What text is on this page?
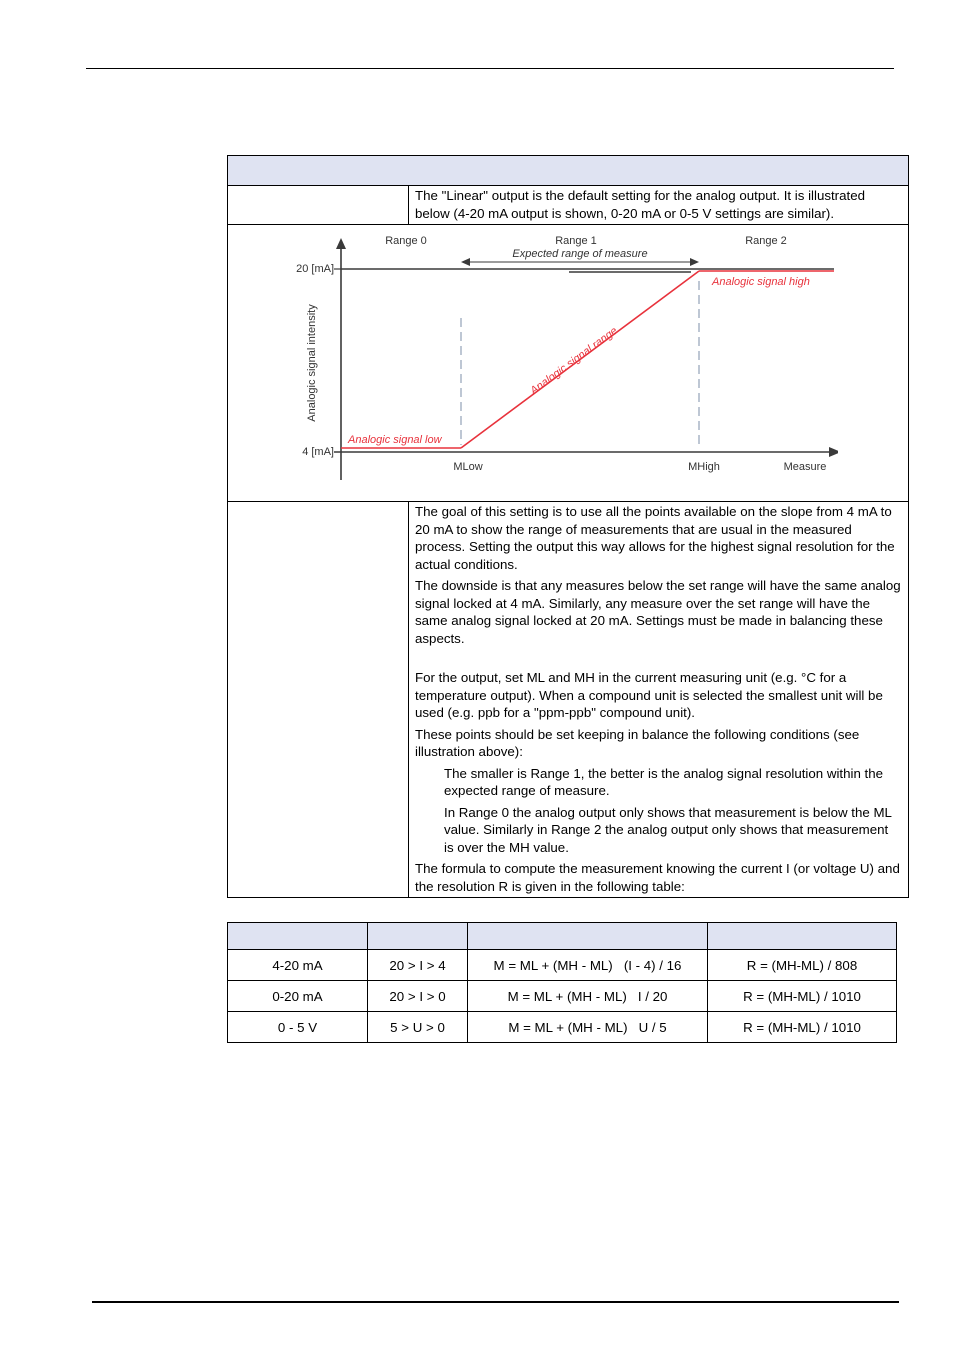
The "Linear" output is the default setting for the analog output. It is illustrated below (4-20 mA output is shown, 0-20 mA or 0-5 V settings are similar).

Range 0	Range 1	Range 2
Expected range of measure
20 [mA]
4 [mA]
Analogic signal intensity
MLow	MHigh	Measure
Analogic signal low
Analogic signal range
Analogic signal high

The goal of this setting is to use all the points available on the slope from 4 mA to 20 mA to show the range of measurements that are usual in the measured process. Setting the output this way allows for the highest signal resolution for the actual conditions.

The downside is that any measures below the set range will have the same analog signal locked at 4 mA. Similarly, any measure over the set range will have the same analog signal locked at 20 mA. Settings must be made in balancing these aspects.

For the output, set ML and MH in the current measuring unit (e.g. °C for a temperature output). When a compound unit is selected the smallest unit will be used (e.g. ppb for a "ppm-ppb" compound unit).

These points should be set keeping in balance the following conditions (see illustration above):

The smaller is Range 1, the better is the analog signal resolution within the expected range of measure.

In Range 0 the analog output only shows that measurement is below the ML value. Similarly in Range 2 the analog output only shows that measurement is over the MH value.

The formula to compute the measurement knowing the current I (or voltage U) and the resolution R is given in the following table:

4-20 mA	20 > I > 4	M = ML + (MH - ML)   (I - 4) / 16	R = (MH-ML) / 808
0-20 mA	20 > I > 0	M = ML + (MH - ML)   I / 20	R = (MH-ML) / 1010
0 - 5 V	5 > U > 0	M = ML + (MH - ML)   U / 5	R = (MH-ML) / 1010
